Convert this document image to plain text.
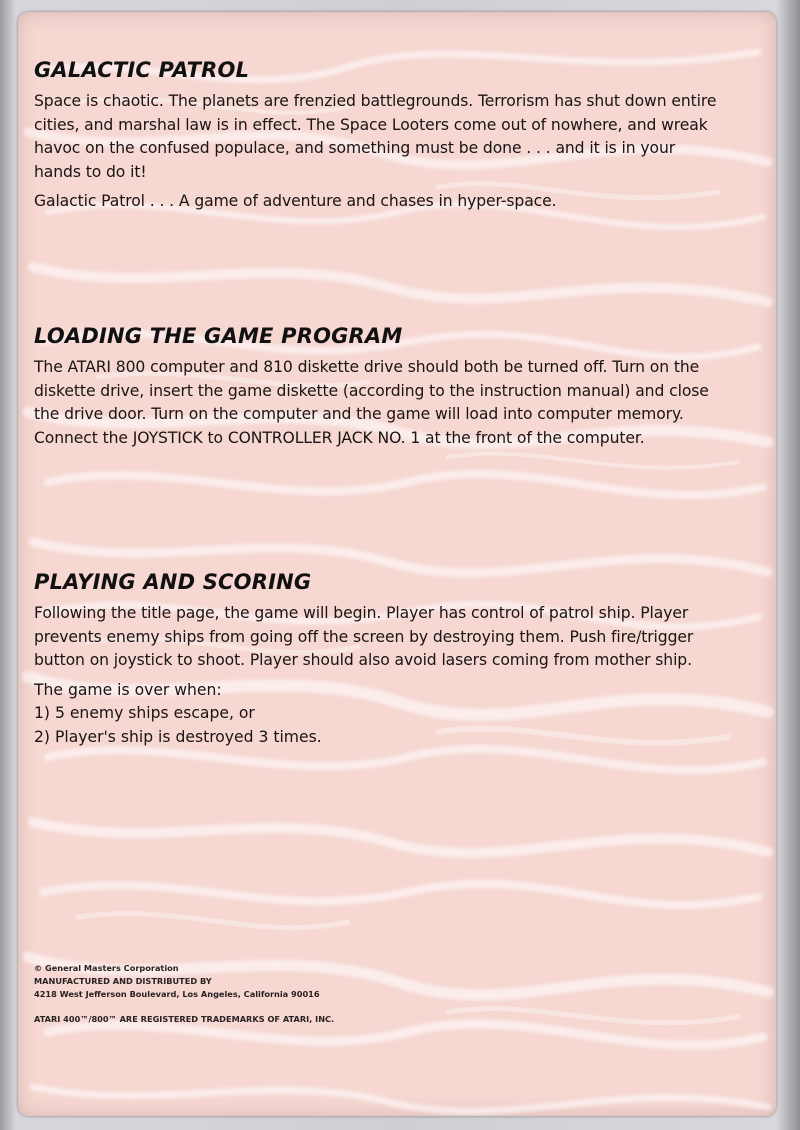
GALACTIC PATROL

Space is chaotic. The planets are frenzied battlegrounds. Terrorism has shut down entire cities, and marshal law is in effect. The Space Looters come out of nowhere, and wreak havoc on the confused populace, and something must be done . . . and it is in your hands to do it!

Galactic Patrol . . . A game of adventure and chases in hyper-space.

LOADING THE GAME PROGRAM

The ATARI 800 computer and 810 diskette drive should both be turned off. Turn on the diskette drive, insert the game diskette (according to the instruction manual) and close the drive door. Turn on the computer and the game will load into computer memory. Connect the JOYSTICK to CONTROLLER JACK NO. 1 at the front of the computer.

PLAYING AND SCORING

Following the title page, the game will begin. Player has control of patrol ship. Player prevents enemy ships from going off the screen by destroying them. Push fire/trigger button on joystick to shoot. Player should also avoid lasers coming from mother ship.

The game is over when:
1) 5 enemy ships escape, or
2) Player's ship is destroyed 3 times.
© General Masters Corporation
MANUFACTURED AND DISTRIBUTED BY
4218 West Jefferson Boulevard, Los Angeles, California 90016
ATARI 400™/800™ ARE REGISTERED TRADEMARKS OF ATARI, INC.
